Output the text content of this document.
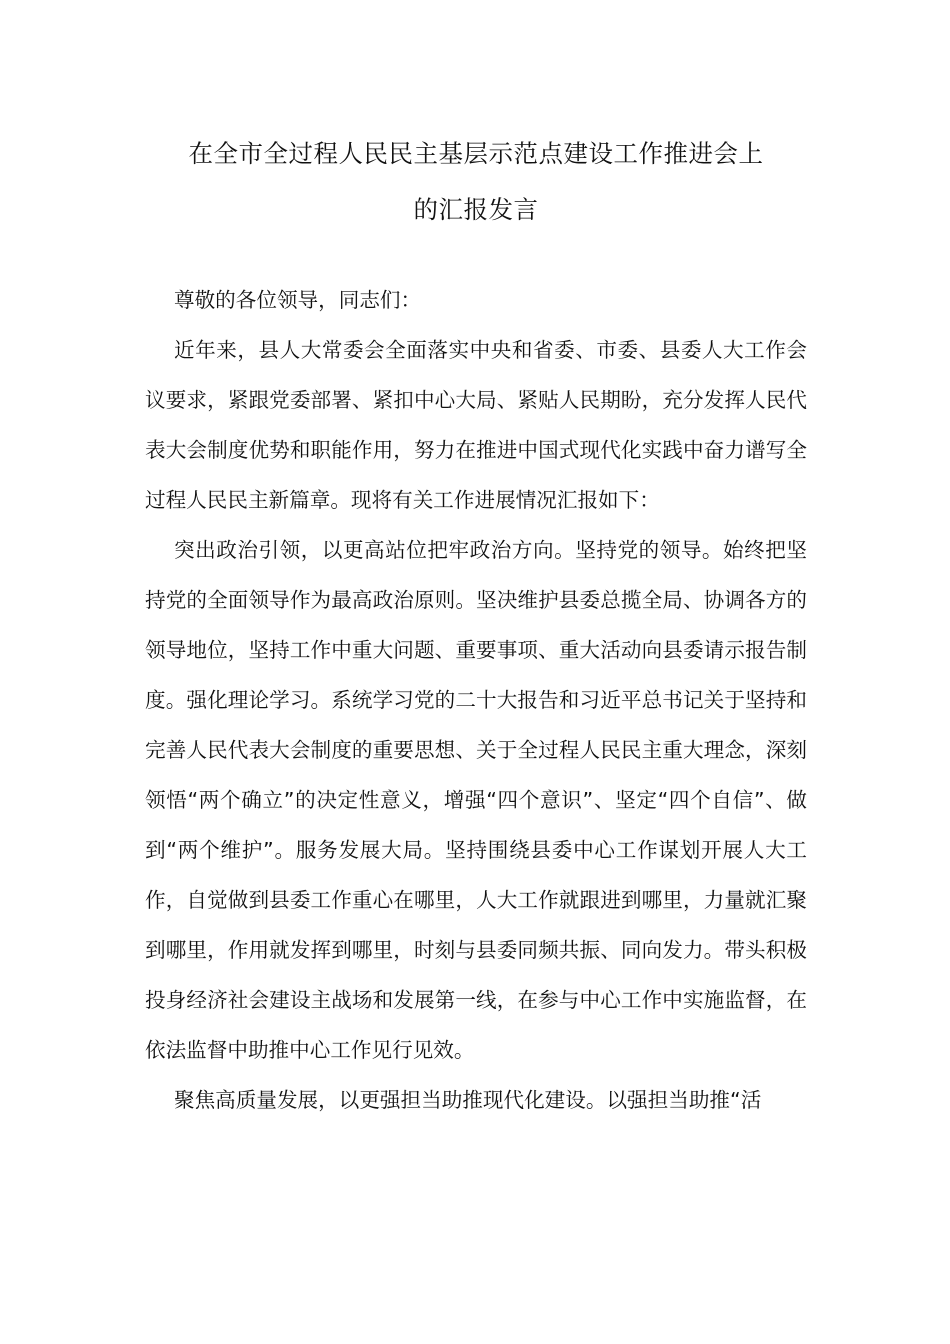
在全市全过程人民民主基层示范点建设工作推进会上
的汇报发言

尊敬的各位领导，同志们：

近年来，县人大常委会全面落实中央和省委、市委、县委人大工作会议要求，紧跟党委部署、紧扣中心大局、紧贴人民期盼，充分发挥人民代表大会制度优势和职能作用，努力在推进中国式现代化实践中奋力谱写全过程人民民主新篇章。现将有关工作进展情况汇报如下：

突出政治引领，以更高站位把牢政治方向。坚持党的领导。始终把坚持党的全面领导作为最高政治原则。坚决维护县委总揽全局、协调各方的领导地位，坚持工作中重大问题、重要事项、重大活动向县委请示报告制度。强化理论学习。系统学习党的二十大报告和习近平总书记关于坚持和完善人民代表大会制度的重要思想、关于全过程人民民主重大理念，深刻领悟“两个确立”的决定性意义，增强“四个意识”、坚定“四个自信”、做到“两个维护”。服务发展大局。坚持围绕县委中心工作谋划开展人大工作，自觉做到县委工作重心在哪里，人大工作就跟进到哪里，力量就汇聚到哪里，作用就发挥到哪里，时刻与县委同频共振、同向发力。带头积极投身经济社会建设主战场和发展第一线，在参与中心工作中实施监督，在依法监督中助推中心工作见行见效。

聚焦高质量发展，以更强担当助推现代化建设。以强担当助推“活
